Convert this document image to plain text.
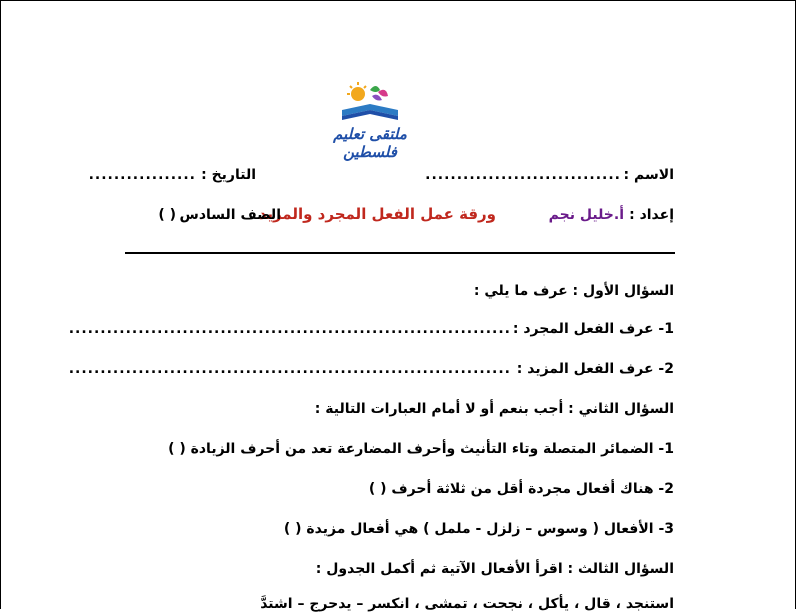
ملتقى تعليم فلسطين
الاسم :
...............................
التاريخ :
.................
إعداد :
أ.خليل نجم
ورقة عمل الفعل المجرد والمزيد
الصف السادس
( )
السؤال الأول : عرف ما يلي :
1- عرف الفعل المجرد :
......................................................................
2- عرف الفعل المزيد :
......................................................................
السؤال الثاني : أجب بنعم أو لا أمام العبارات التالية :
1- الضمائر المتصلة وتاء التأنيث وأحرف المضارعة تعد من أحرف الزيادة ( )
2- هناك أفعال مجردة أقل من ثلاثة أحرف ( )
3- الأفعال ( وسوس – زلزل - ململ ) هي أفعال مزيدة ( )
السؤال الثالث : اقرأ الأفعال الآتية ثم أكمل الجدول :
استنجد ، قال ، يأكل ، نجحت ، تمشى ، انكسر – يدحرج – اشتدَّ
